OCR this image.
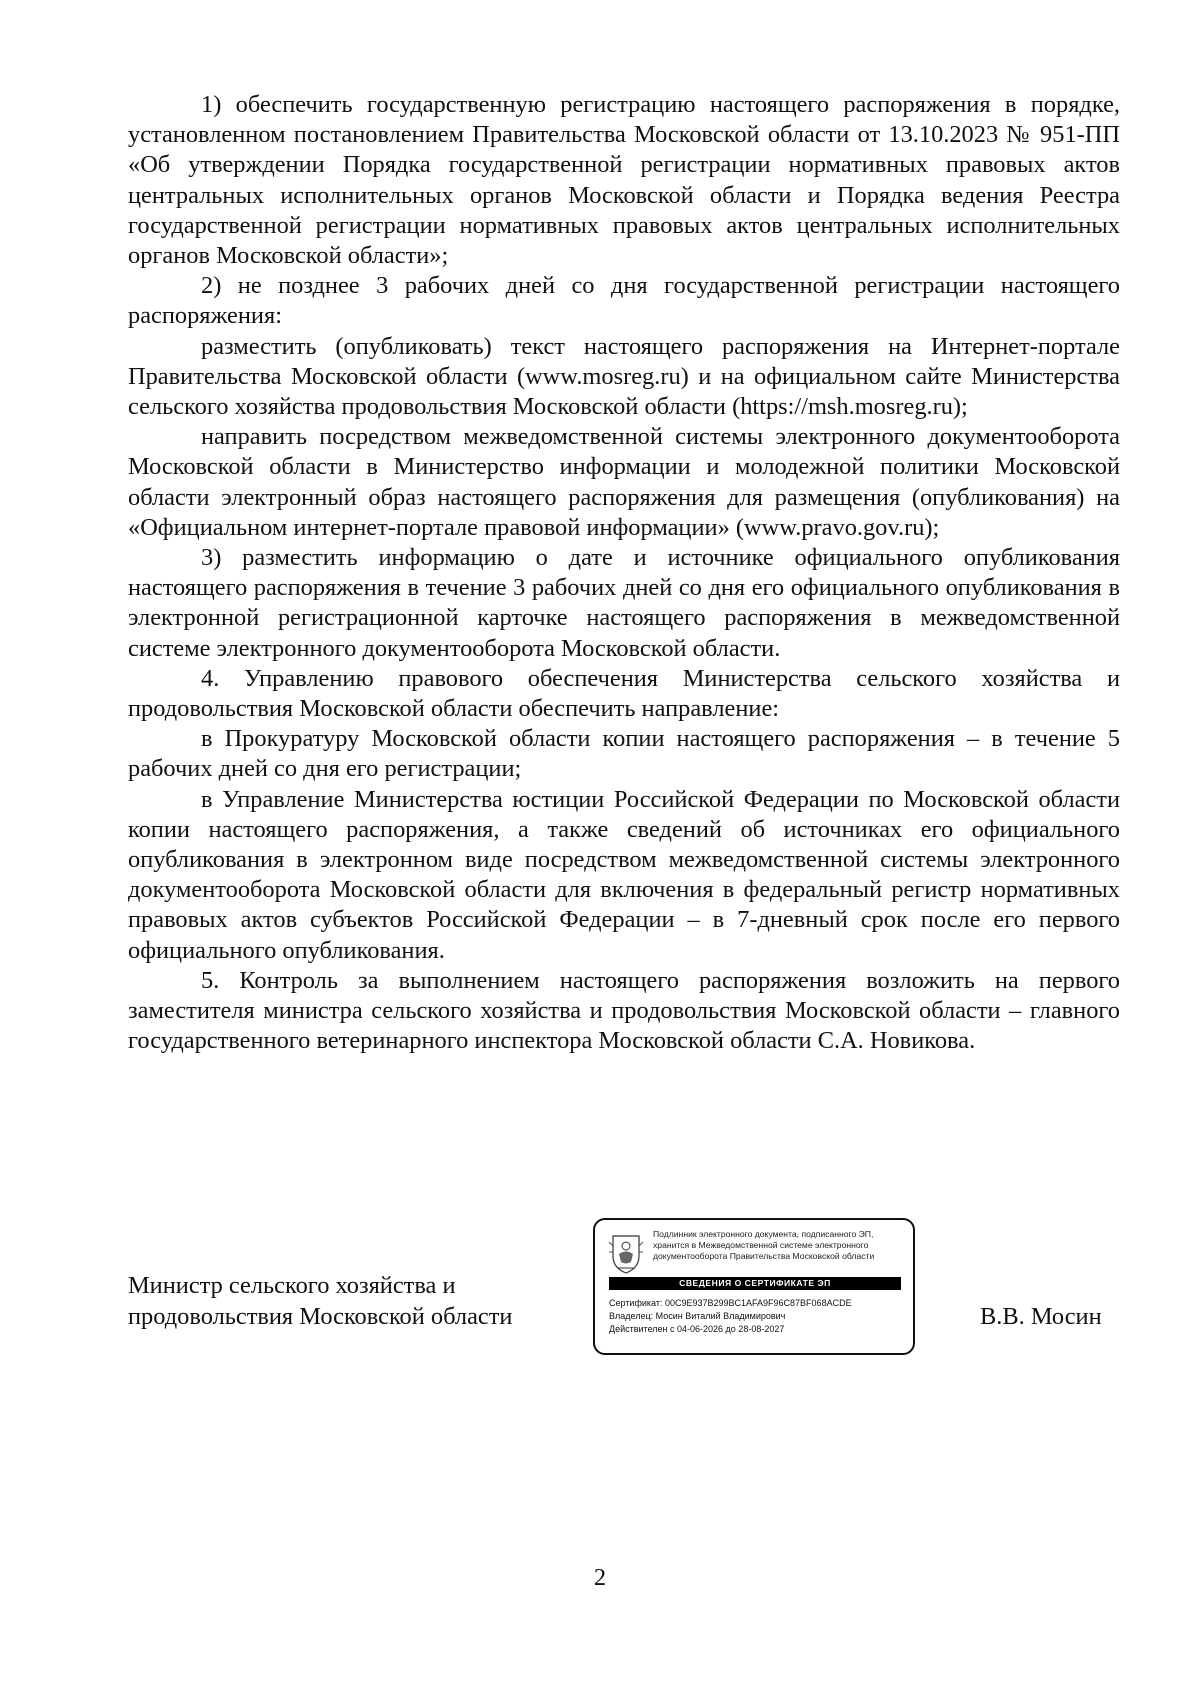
1) обеспечить государственную регистрацию настоящего распоряжения в порядке, установленном постановлением Правительства Московской области от 13.10.2023 № 951-ПП «Об утверждении Порядка государственной регистрации нормативных правовых актов центральных исполнительных органов Московской области и Порядка ведения Реестра государственной регистрации нормативных правовых актов центральных исполнительных органов Московской области»;

2) не позднее 3 рабочих дней со дня государственной регистрации настоящего распоряжения:

разместить (опубликовать) текст настоящего распоряжения на Интернет-портале Правительства Московской области (www.mosreg.ru) и на официальном сайте Министерства сельского хозяйства продовольствия Московской области (https://msh.mosreg.ru);

направить посредством межведомственной системы электронного документооборота Московской области в Министерство информации и молодежной политики Московской области электронный образ настоящего распоряжения для размещения (опубликования) на «Официальном интернет-портале правовой информации» (www.pravo.gov.ru);

3) разместить информацию о дате и источнике официального опубликования настоящего распоряжения в течение 3 рабочих дней со дня его официального опубликования в электронной регистрационной карточке настоящего распоряжения в межведомственной системе электронного документооборота Московской области.

4. Управлению правового обеспечения Министерства сельского хозяйства и продовольствия Московской области обеспечить направление:

в Прокуратуру Московской области копии настоящего распоряжения – в течение 5 рабочих дней со дня его регистрации;

в Управление Министерства юстиции Российской Федерации по Московской области копии настоящего распоряжения, а также сведений об источниках его официального опубликования в электронном виде посредством межведомственной системы электронного документооборота Московской области для включения в федеральный регистр нормативных правовых актов субъектов Российской Федерации – в 7-дневный срок после его первого официального опубликования.

5. Контроль за выполнением настоящего распоряжения возложить на первого заместителя министра сельского хозяйства и продовольствия Московской области – главного государственного ветеринарного инспектора Московской области С.А. Новикова.

Министр сельского хозяйства и
продовольствия Московской области
Подлинник электронного документа, подписанного ЭП,
хранится в Межведомственной системе электронного
документооборота Правительства Московской области
СВЕДЕНИЯ О СЕРТИФИКАТЕ ЭП
Сертификат: 00C9E937B299BC1AFA9F96C87BF068ACDE
Владелец: Мосин Виталий Владимирович
Действителен с 04-06-2026 до 28-08-2027	В.В. Мосин
2
